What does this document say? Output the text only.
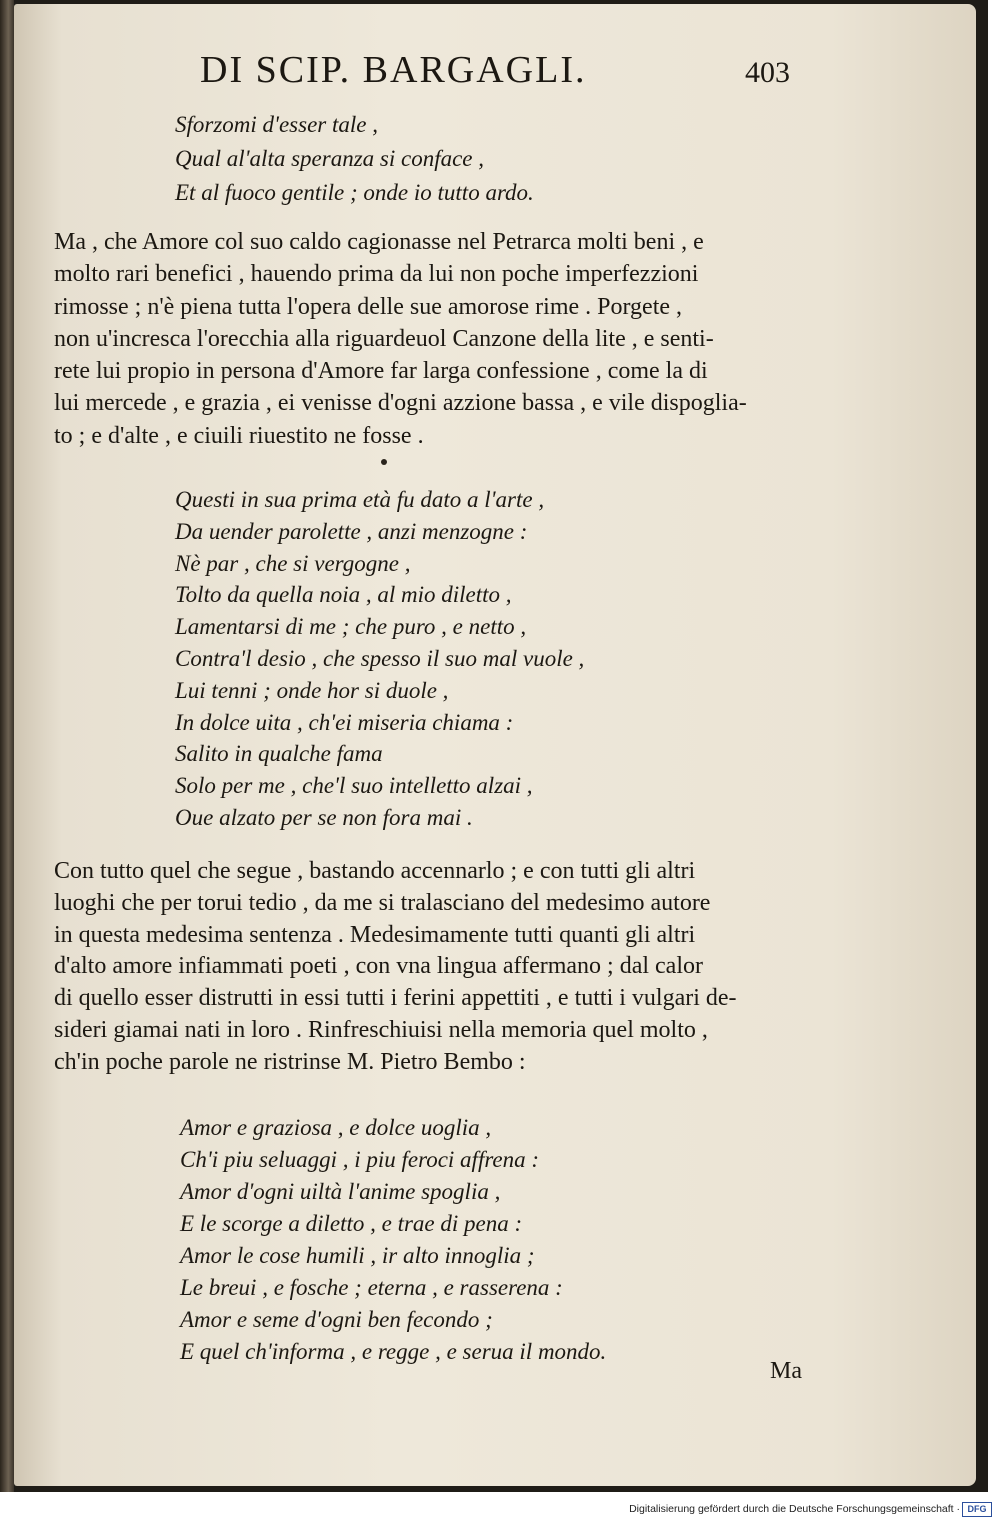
DI SCIP. BARGAGLI.	403
Sforzomi d'esser tale ,
Qual al'alta speranza si conface ,
Et al fuoco gentile ; onde io tutto ardo.
Ma , che Amore col suo caldo cagionasse nel Petrarca molti beni , e
molto rari benefici , hauendo prima da lui non poche imperfezzioni
rimosse ; n'è piena tutta l'opera delle sue amorose rime . Porgete ,
non u'incresca l'orecchia alla riguardeuol Canzone della lite , e senti-
rete lui propio in persona d'Amore far larga confessione , come la di
lui mercede , e grazia , ei venisse d'ogni azzione bassa , e vile dispoglia-
to ; e d'alte , e ciuili riuestito ne fosse .
Questi in sua prima età fu dato a l'arte ,
Da uender parolette , anzi menzogne :
Nè par , che si vergogne ,
Tolto da quella noia , al mio diletto ,
Lamentarsi di me ; che puro , e netto ,
Contra'l desio , che spesso il suo mal vuole ,
Lui tenni ; onde hor si duole ,
In dolce uita , ch'ei miseria chiama :
Salito in qualche fama
Solo per me , che'l suo intelletto alzai ,
Oue alzato per se non fora mai .
Con tutto quel che segue , bastando accennarlo ; e con tutti gli altri
luoghi che per torui tedio , da me si tralasciano del medesimo autore
in questa medesima sentenza . Medesimamente tutti quanti gli altri
d'alto amore infiammati poeti , con vna lingua affermano ; dal calor
di quello esser distrutti in essi tutti i ferini appettiti , e tutti i vulgari de-
sideri giamai nati in loro . Rinfreschiuisi nella memoria quel molto ,
ch'in poche parole ne ristrinse M. Pietro Bembo :
Amor e graziosa , e dolce uoglia ,
Ch'i piu seluaggi , i piu feroci affrena :
Amor d'ogni uiltà l'anime spoglia ,
E le scorge a diletto , e trae di pena :
Amor le cose humili , ir alto innoglia ;
Le breui , e fosche ; eterna , e rasserena :
Amor e seme d'ogni ben fecondo ;
E quel ch'informa , e regge , e serua il mondo.
Ma
Digitalisierung gefördert durch die Deutsche Forschungsgemeinschaft · DFG
